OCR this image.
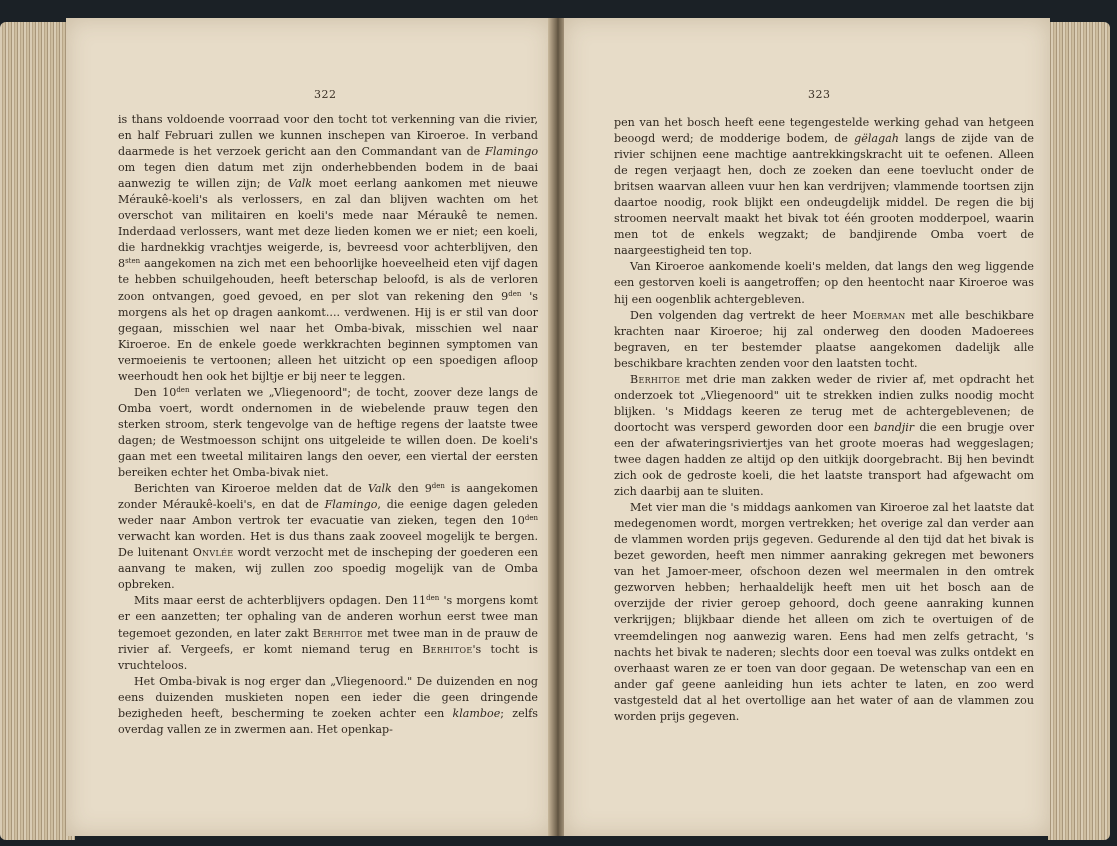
322

is thans voldoende voorraad voor den tocht tot verkenning van die rivier, en half Februari zullen we kunnen inschepen van Kiroeroe. In verband daarmede is het verzoek gericht aan den Commandant van de Flamingo om tegen dien datum met zijn onderhebbenden bodem in de baai aanwezig te willen zijn; de Valk moet eerlang aankomen met nieuwe Méraukê-koeli's als verlossers, en zal dan blijven wachten om het overschot van militairen en koeli's mede naar Méraukê te nemen. Inderdaad verlossers, want met deze lieden komen we er niet; een koeli, die hardnekkig vrachtjes weigerde, is, bevreesd voor achterblijven, den $8^{sten}$ aangekomen na zich met een behoorlijke hoeveelheid eten vijf dagen te hebben schuilgehouden, heeft beterschap beloofd, is als de verloren zoon ontvangen, goed gevoed, en per slot van rekening den $9^{den}$ 's morgens als het op dragen aankomt.... verdwenen. Hij is er stil van door gegaan, misschien wel naar het Omba-bivak, misschien wel naar Kiroeroe. En de enkele goede werkkrachten beginnen symptomen van vermoeienis te vertoonen; alleen het uitzicht op een spoedigen afloop weerhoudt hen ook het bijltje er bij neer te leggen.

Den $10^{den}$ verlaten we „Vliegenoord"; de tocht, zoover deze langs de Omba voert, wordt ondernomen in de wiebelende prauw tegen den sterken stroom, sterk tengevolge van de heftige regens der laatste twee dagen; de Westmoesson schijnt ons uitgeleide te willen doen. De koeli's gaan met een tweetal militairen langs den oever, een viertal der eersten bereiken echter het Omba-bivak niet.

Berichten van Kiroeroe melden dat de Valk den $9^{den}$ is aangekomen zonder Méraukê-koeli's, en dat de Flamingo, die eenige dagen geleden weder naar Ambon vertrok ter evacuatie van zieken, tegen den $10^{den}$ verwacht kan worden. Het is dus thans zaak zooveel mogelijk te bergen. De luitenant Onvlée wordt verzocht met de inscheping der goederen een aanvang te maken, wij zullen zoo spoedig mogelijk van de Omba opbreken.

Mits maar eerst de achterblijvers opdagen. Den $11^{den}$ 's morgens komt er een aanzetten; ter ophaling van de anderen worhun eerst twee man tegemoet gezonden, en later zakt Berhitoe met twee man in de prauw de rivier af. Vergeefs, er komt niemand terug en Berhitoe's tocht is vruchteloos.

Het Omba-bivak is nog erger dan „Vliegenoord." De duizenden en nog eens duizenden muskieten nopen een ieder die geen dringende bezigheden heeft, bescherming te zoeken achter een klamboe; zelfs overdag vallen ze in zwermen aan. Het openkap-

323

pen van het bosch heeft eene tegengestelde werking gehad van hetgeen beoogd werd; de modderige bodem, de gëlagah langs de zijde van de rivier schijnen eene machtige aantrekkingskracht uit te oefenen. Alleen de regen verjaagt hen, doch ze zoeken dan eene toevlucht onder de britsen waarvan alleen vuur hen kan verdrijven; vlammende toortsen zijn daartoe noodig, rook blijkt een ondeugdelijk middel. De regen die bij stroomen neervalt maakt het bivak tot één grooten modderpoel, waarin men tot de enkels wegzakt; de bandjirende Omba voert de naargeestigheid ten top.

Van Kiroeroe aankomende koeli's melden, dat langs den weg liggende een gestorven koeli is aangetroffen; op den heentocht naar Kiroeroe was hij een oogenblik achtergebleven.

Den volgenden dag vertrekt de heer Moerman met alle beschikbare krachten naar Kiroeroe; hij zal onderweg den dooden Madoerees begraven, en ter bestemder plaatse aangekomen dadelijk alle beschikbare krachten zenden voor den laatsten tocht.

Berhitoe met drie man zakken weder de rivier af, met opdracht het onderzoek tot „Vliegenoord" uit te strekken indien zulks noodig mocht blijken. 's Middags keeren ze terug met de achtergeblevenen; de doortocht was versperd geworden door een bandjir die een brugje over een der afwateringsriviertjes van het groote moeras had weggeslagen; twee dagen hadden ze altijd op den uitkijk doorgebracht. Bij hen bevindt zich ook de gedroste koeli, die het laatste transport had afgewacht om zich daarbij aan te sluiten.

Met vier man die 's middags aankomen van Kiroeroe zal het laatste dat medegenomen wordt, morgen vertrekken; het overige zal dan verder aan de vlammen worden prijs gegeven. Gedurende al den tijd dat het bivak is bezet geworden, heeft men nimmer aanraking gekregen met bewoners van het Jamoer-meer, ofschoon dezen wel meermalen in den omtrek gezworven hebben; herhaaldelijk heeft men uit het bosch aan de overzijde der rivier geroep gehoord, doch geene aanraking kunnen verkrijgen; blijkbaar diende het alleen om zich te overtuigen of de vreemdelingen nog aanwezig waren. Eens had men zelfs getracht, 's nachts het bivak te naderen; slechts door een toeval was zulks ontdekt en overhaast waren ze er toen van door gegaan. De wetenschap van een en ander gaf geene aanleiding hun iets achter te laten, en zoo werd vastgesteld dat al het overtollige aan het water of aan de vlammen zou worden prijs gegeven.
